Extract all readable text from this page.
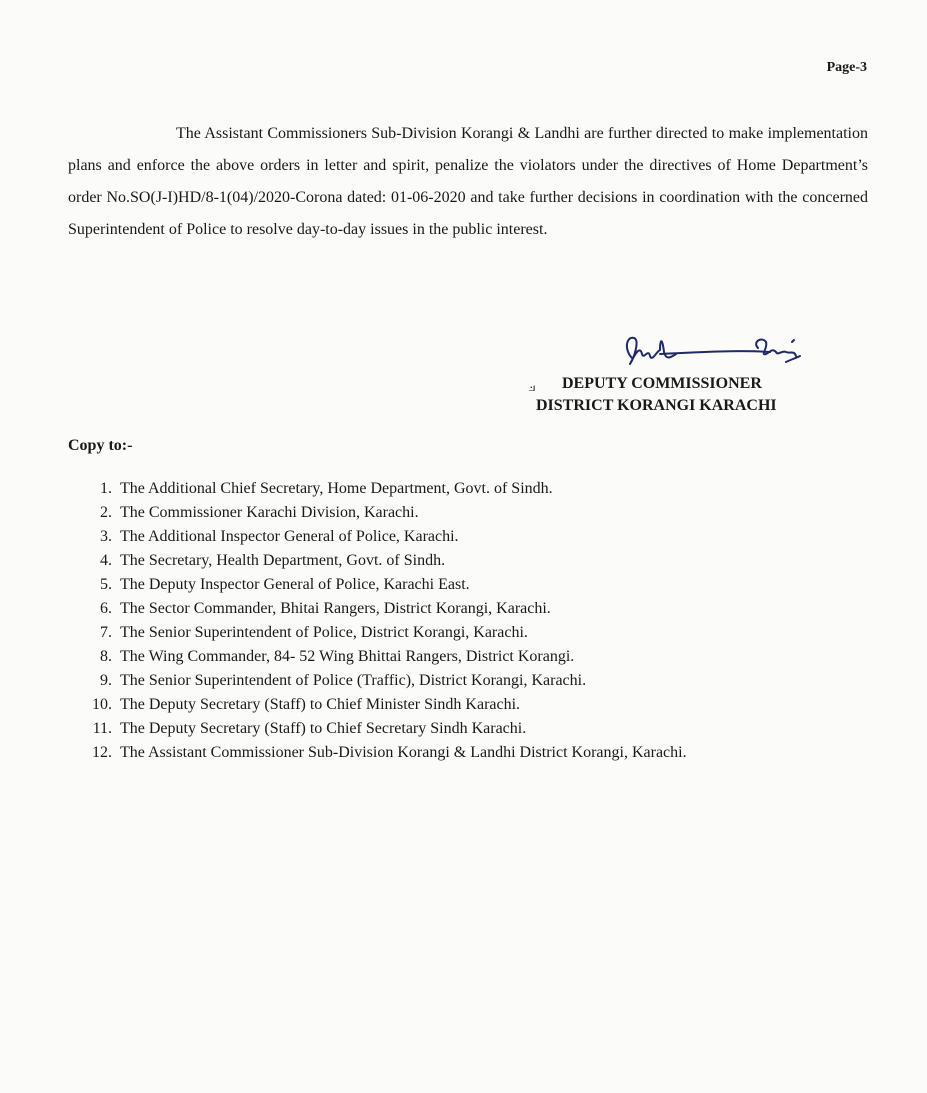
Page-3

The Assistant Commissioners Sub-Division Korangi & Landhi are further directed to make implementation plans and enforce the above orders in letter and spirit, penalize the violators under the directives of Home Department’s order No.SO(J-I)HD/8-1(04)/2020-Corona dated: 01-06-2020 and take further decisions in coordination with the concerned Superintendent of Police to resolve day-to-day issues in the public interest.

⟓	DEPUTY COMMISSIONER
DISTRICT KORANGI KARACHI
Copy to:-
1. The Additional Chief Secretary, Home Department, Govt. of Sindh.
2. The Commissioner Karachi Division, Karachi.
3. The Additional Inspector General of Police, Karachi.
4. The Secretary, Health Department, Govt. of Sindh.
5. The Deputy Inspector General of Police, Karachi East.
6. The Sector Commander, Bhitai Rangers, District Korangi, Karachi.
7. The Senior Superintendent of Police, District Korangi, Karachi.
8. The Wing Commander, 84- 52 Wing Bhittai Rangers, District Korangi.
9. The Senior Superintendent of Police (Traffic), District Korangi, Karachi.
10. The Deputy Secretary (Staff) to Chief Minister Sindh Karachi.
11. The Deputy Secretary (Staff) to Chief Secretary Sindh Karachi.
12. The Assistant Commissioner Sub-Division Korangi & Landhi District Korangi, Karachi.
